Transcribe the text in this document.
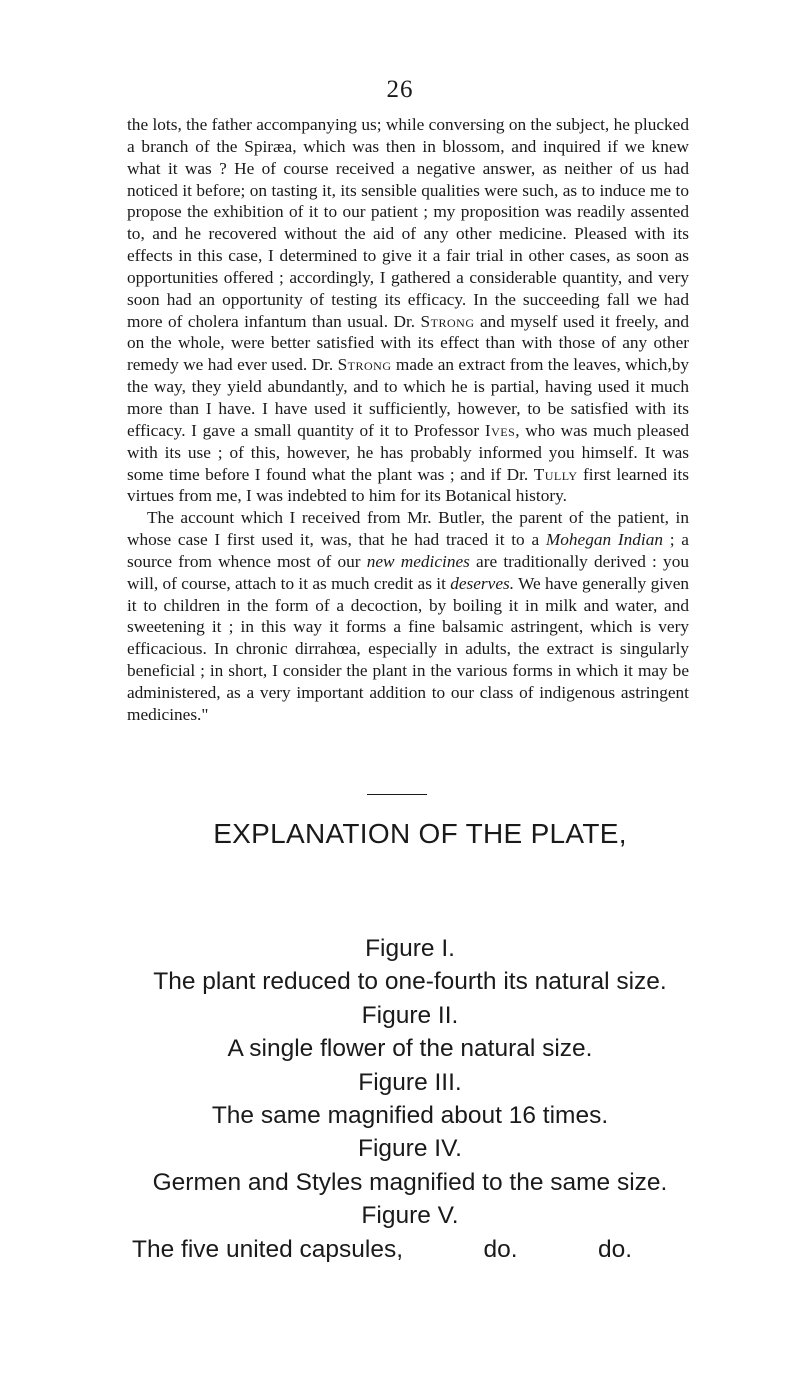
26

the lots, the father accompanying us; while conversing on the subject, he plucked a branch of the Spiræa, which was then in blossom, and inquired if we knew what it was ? He of course received a negative answer, as neither of us had noticed it before; on tasting it, its sensible qualities were such, as to induce me to propose the exhibition of it to our patient ; my proposition was readily assented to, and he recovered without the aid of any other medicine. Pleased with its effects in this case, I determined to give it a fair trial in other cases, as soon as opportunities offered ; accordingly, I gathered a considerable quantity, and very soon had an opportunity of testing its efficacy. In the succeeding fall we had more of cholera infantum than usual. Dr. Strong and myself used it freely, and on the whole, were better satisfied with its effect than with those of any other remedy we had ever used. Dr. Strong made an extract from the leaves, which,by the way, they yield abundantly, and to which he is partial, having used it much more than I have. I have used it sufficiently, however, to be satisfied with its efficacy. I gave a small quantity of it to Professor Ives, who was much pleased with its use ; of this, however, he has probably informed you himself. It was some time before I found what the plant was ; and if Dr. Tully first learned its virtues from me, I was indebted to him for its Botanical history.

The account which I received from Mr. Butler, the parent of the patient, in whose case I first used it, was, that he had traced it to a Mohegan Indian ; a source from whence most of our new medicines are traditionally derived : you will, of course, attach to it as much credit as it deserves. We have generally given it to children in the form of a decoction, by boiling it in milk and water, and sweetening it ; in this way it forms a fine balsamic astringent, which is very efficacious. In chronic dirrahœa, especially in adults, the extract is singularly beneficial ; in short, I consider the plant in the various forms in which it may be administered, as a very important addition to our class of indigenous astringent medicines."

EXPLANATION OF THE PLATE,
Figure I.
The plant reduced to one-fourth its natural size.
Figure II.
A single flower of the natural size.
Figure III.
The same magnified about 16 times.
Figure IV.
Germen and Styles magnified to the same size.
Figure V.
The five united capsules,	do.	do.
